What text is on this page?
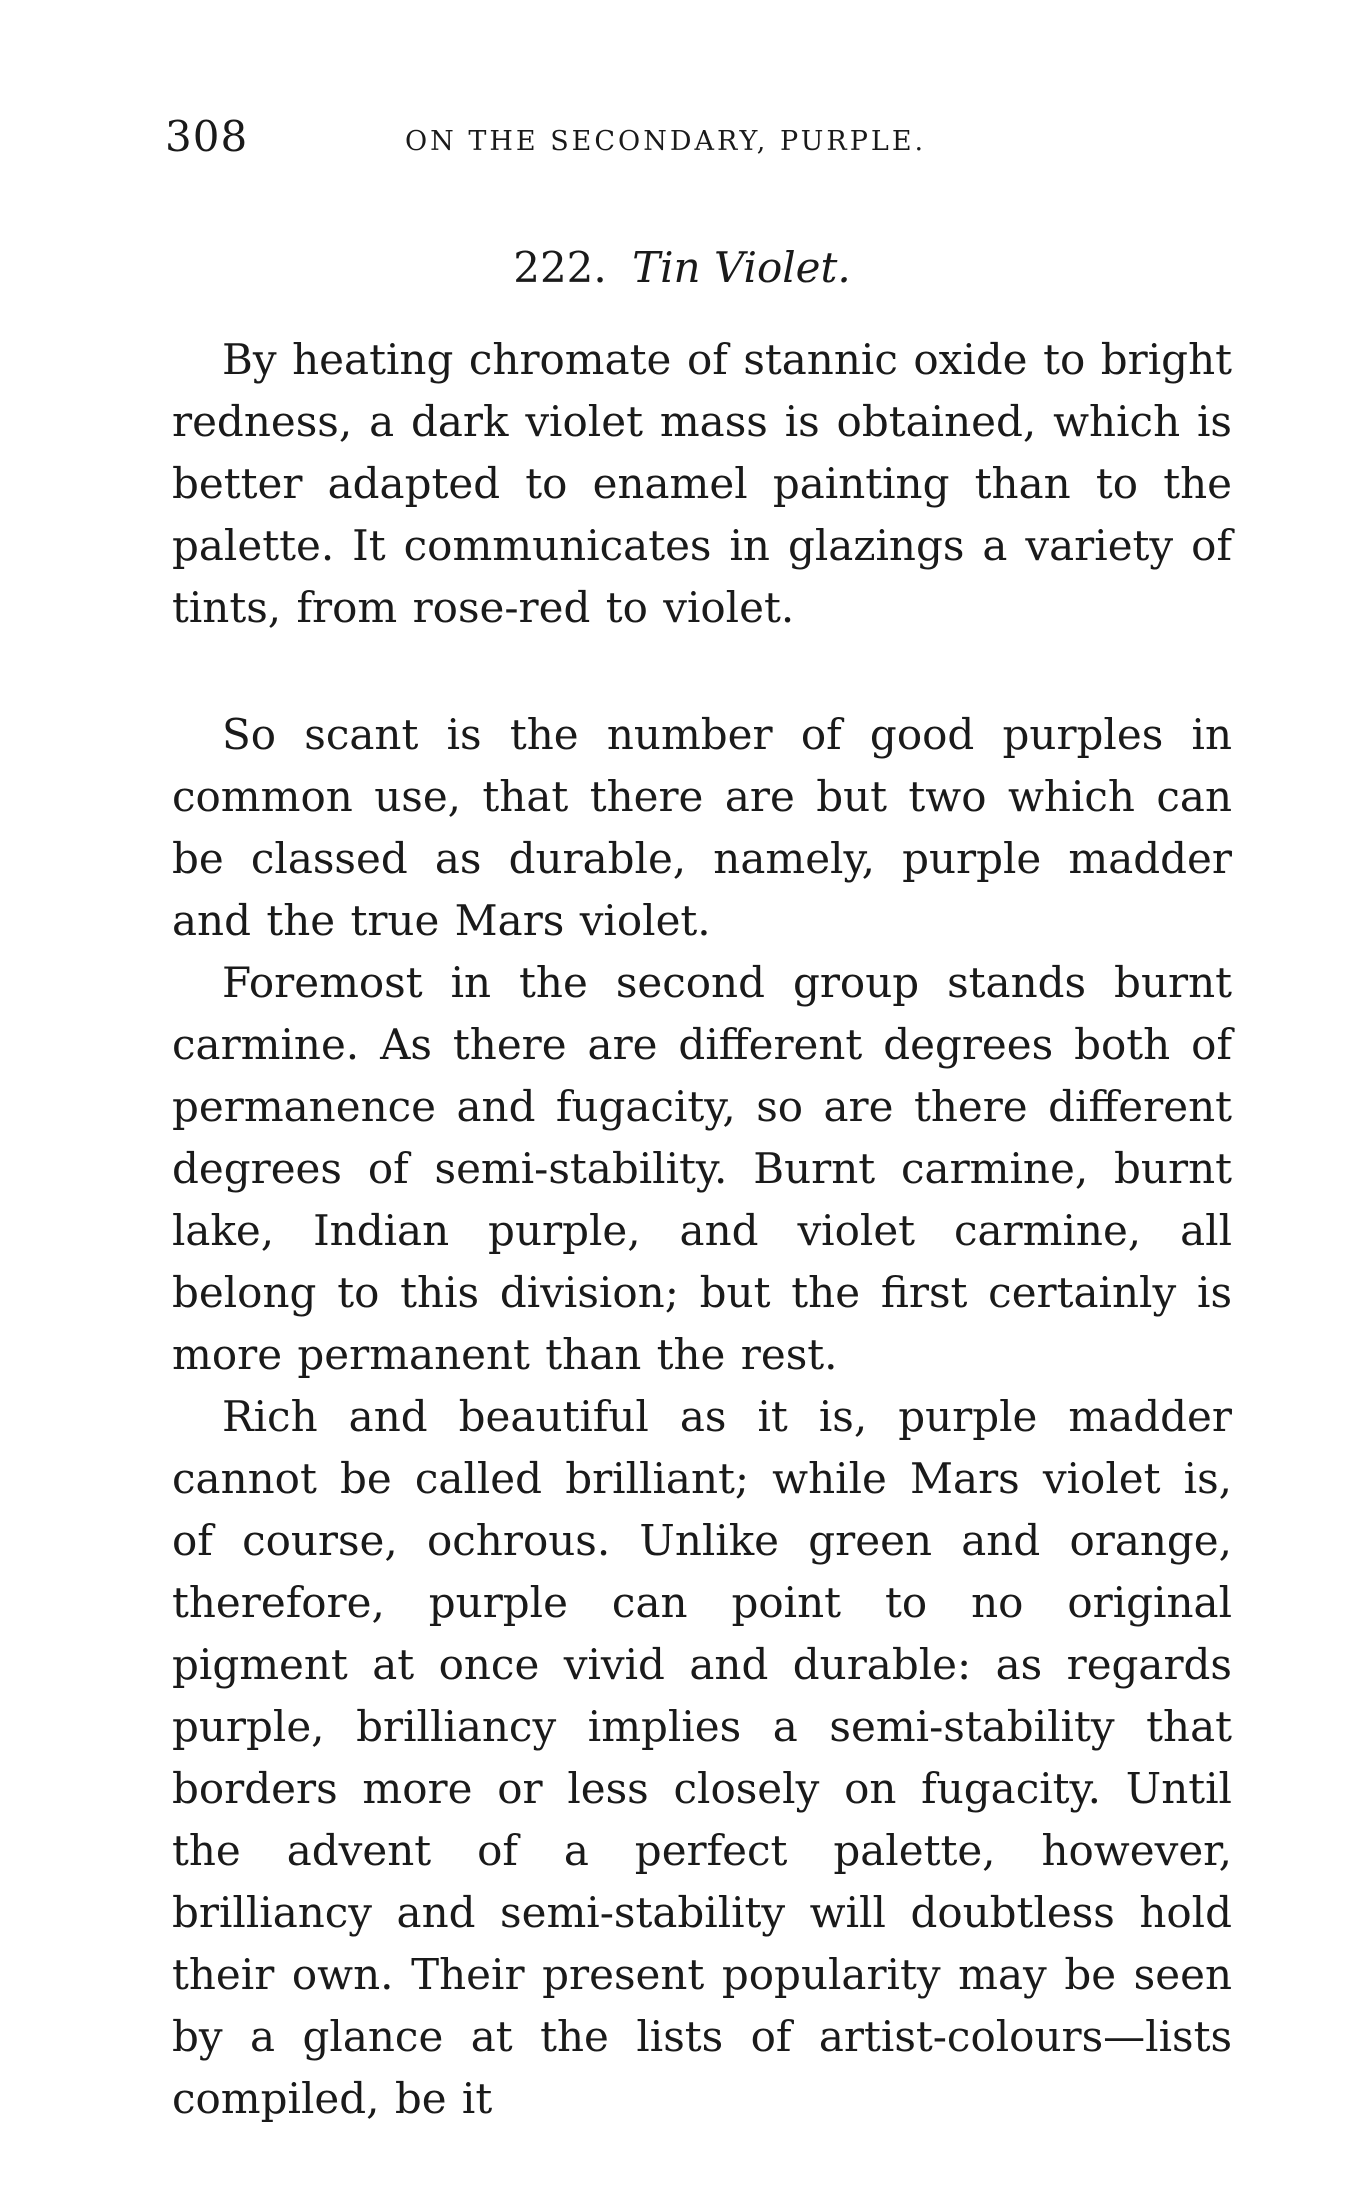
308	ON THE SECONDARY, PURPLE.
222. Tin Violet.

By heating chromate of stannic oxide to bright redness, a dark violet mass is obtained, which is better adapted to enamel painting than to the palette. It communicates in glazings a variety of tints, from rose-red to violet.

So scant is the number of good purples in common use, that there are but two which can be classed as durable, namely, purple madder and the true Mars violet.

Foremost in the second group stands burnt carmine. As there are different degrees both of permanence and fugacity, so are there different degrees of semi-stability. Burnt carmine, burnt lake, Indian purple, and violet carmine, all belong to this division; but the first certainly is more permanent than the rest.

Rich and beautiful as it is, purple madder cannot be called brilliant; while Mars violet is, of course, ochrous. Unlike green and orange, therefore, purple can point to no original pigment at once vivid and durable: as regards purple, brilliancy implies a semi-stability that borders more or less closely on fugacity. Until the advent of a perfect palette, however, brilliancy and semi-stability will doubtless hold their own. Their present popularity may be seen by a glance at the lists of artist-colours—lists compiled, be it
